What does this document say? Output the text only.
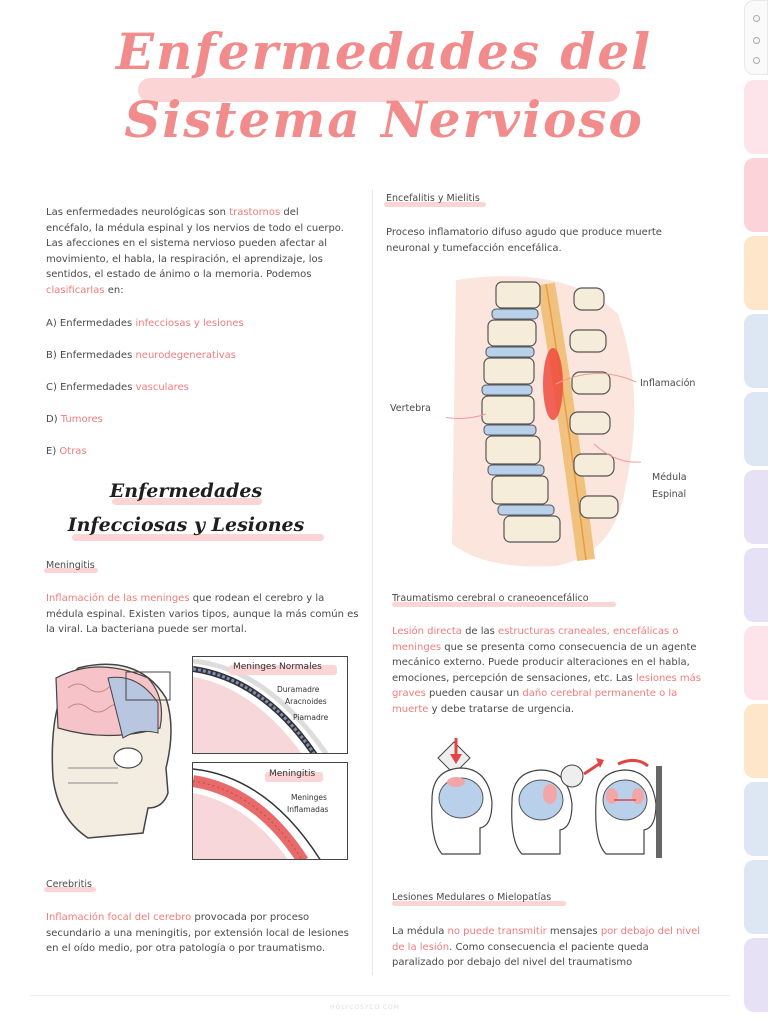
Enfermedades del
Sistema Nervioso
Las enfermedades neurológicas son trastornos del encéfalo, la médula espinal y los nervios de todo el cuerpo. Las afecciones en el sistema nervioso pueden afectar al movimiento, el habla, la respiración, el aprendizaje, los sentidos, el estado de ánimo o la memoria. Podemos clasificarlas en:
A) Enfermedades infecciosas y lesiones
B) Enfermedades neurodegenerativas
C) Enfermedades vasculares
D) Tumores
E) Otras
Enfermedades
Infecciosas y Lesiones
Meningitis
Inflamación de las meninges que rodean el cerebro y la médula espinal. Existen varios tipos, aunque la más común es la viral. La bacteriana puede ser mortal.
Meninges Normales
Duramadre
Aracnoides
Piamadre
Meningitis
Meninges
Inflamadas
Cerebritis
Inflamación focal del cerebro provocada por proceso secundario a una meningitis, por extensión local de lesiones en el oído medio, por otra patología o por traumatismo.
Encefalitis y Mielitis
Proceso inflamatorio difuso agudo que produce muerte neuronal y tumefacción encefálica.
Inflamación
Vertebra
Médula
Espinal
Traumatismo cerebral o craneoencefálico
Lesión directa de las estructuras craneales, encefálicas o meninges que se presenta como consecuencia de un agente mecánico externo. Puede producir alteraciones en el habla, emociones, percepción de sensaciones, etc. Las lesiones más graves pueden causar un daño cerebral permanente o la muerte y debe tratarse de urgencia.
Lesiones Medulares o Mielopatías
La médula no puede transmitir mensajes por debajo del nivel de la lesión. Como consecuencia el paciente queda paralizado por debajo del nivel del traumatismo
HOLYCOSYCO.COM
